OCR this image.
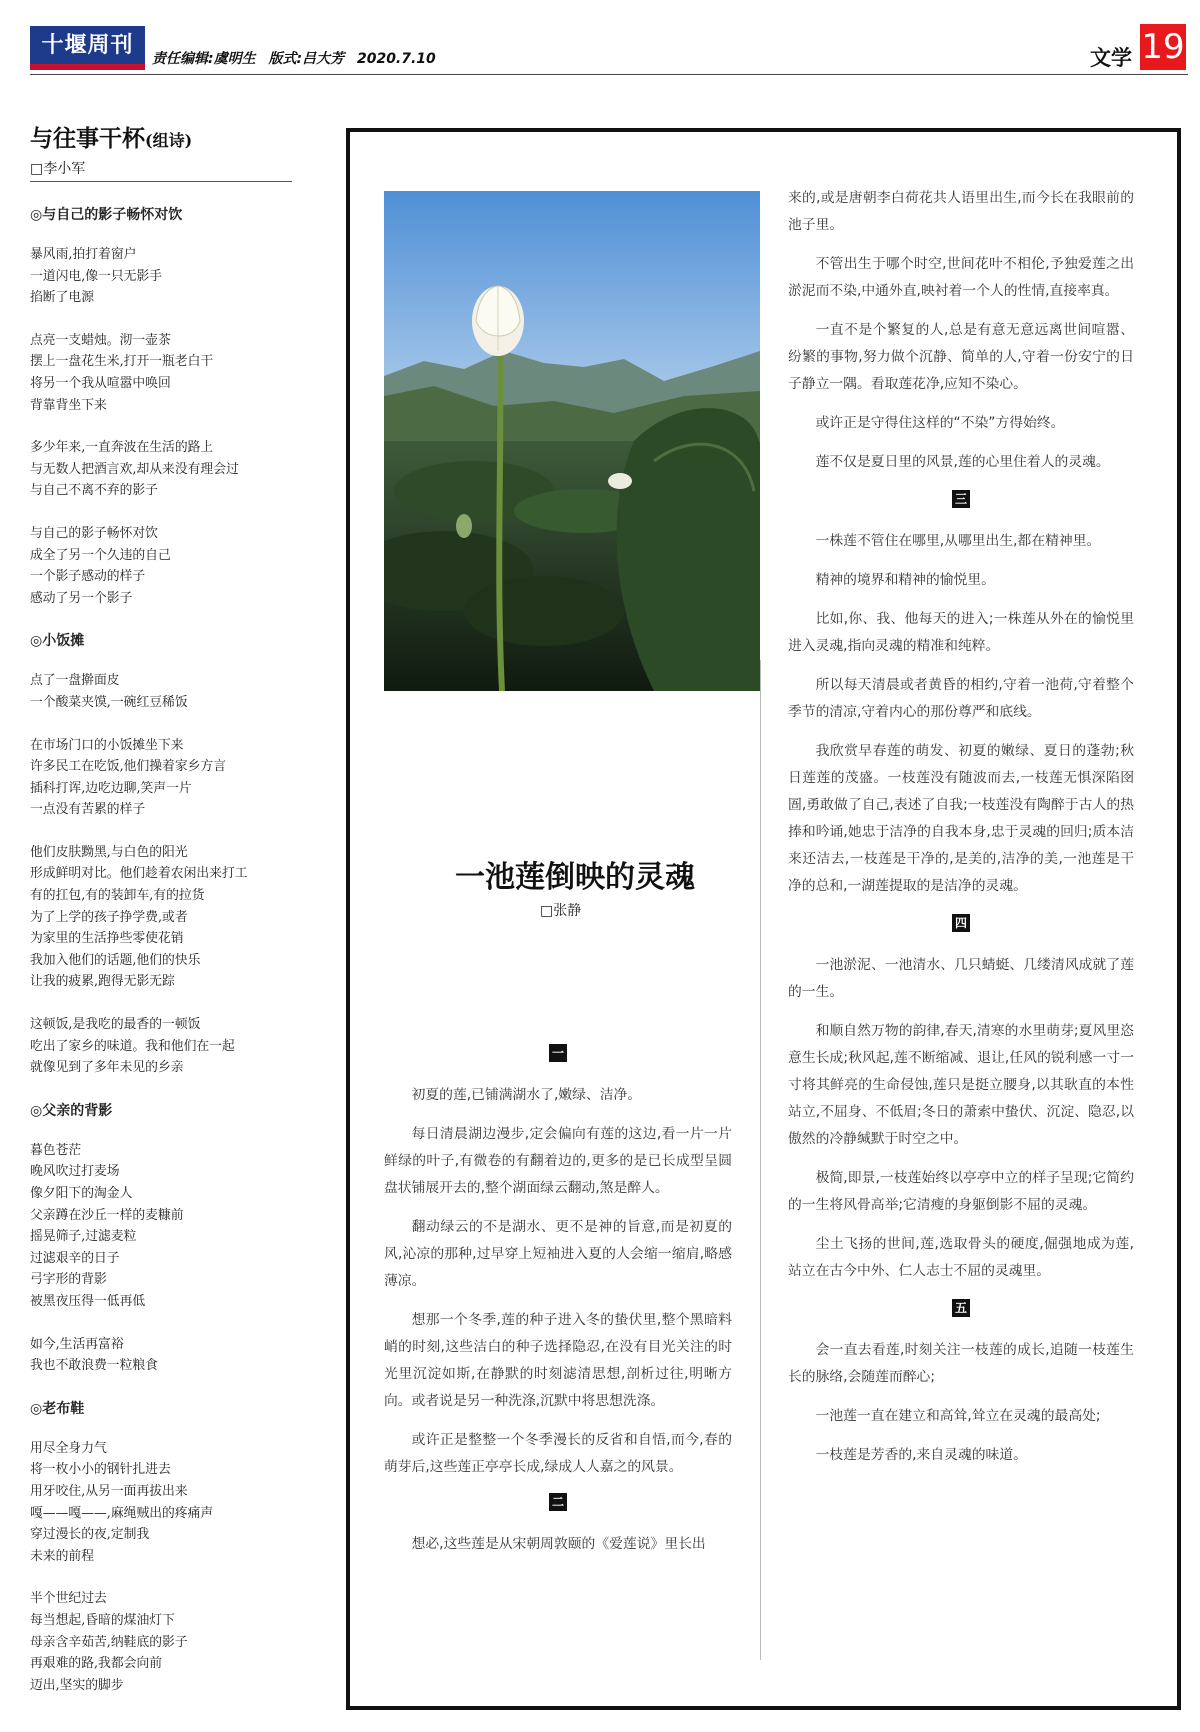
十堰周刊
责任编辑:虞明生 版式:吕大芳 2020.7.10	文学 19
与往事干杯(组诗)
□李小军
◎与自己的影子畅怀对饮
暴风雨,拍打着窗户
一道闪电,像一只无影手
掐断了电源
点亮一支蜡烛。沏一壶茶
摆上一盘花生米,打开一瓶老白干
将另一个我从喧嚣中唤回
背靠背坐下来
多少年来,一直奔波在生活的路上
与无数人把酒言欢,却从来没有理会过
与自己不离不弃的影子
与自己的影子畅怀对饮
成全了另一个久违的自己
一个影子感动的样子
感动了另一个影子
◎小饭摊
点了一盘擀面皮
一个酸菜夹馍,一碗红豆稀饭
在市场门口的小饭摊坐下来
许多民工在吃饭,他们操着家乡方言
插科打诨,边吃边聊,笑声一片
一点没有苦累的样子
他们皮肤黝黑,与白色的阳光
形成鲜明对比。他们趁着农闲出来打工
有的扛包,有的装卸车,有的拉货
为了上学的孩子挣学费,或者
为家里的生活挣些零使花销
我加入他们的话题,他们的快乐
让我的疲累,跑得无影无踪
这顿饭,是我吃的最香的一顿饭
吃出了家乡的味道。我和他们在一起
就像见到了多年未见的乡亲
◎父亲的背影
暮色苍茫
晚风吹过打麦场
像夕阳下的淘金人
父亲蹲在沙丘一样的麦糠前
摇晃筛子,过滤麦粒
过滤艰辛的日子
弓字形的背影
被黑夜压得一低再低
如今,生活再富裕
我也不敢浪费一粒粮食
◎老布鞋
用尽全身力气
将一枚小小的钢针扎进去
用牙咬住,从另一面再拔出来
嘎——嘎——,麻绳贼出的疼痛声
穿过漫长的夜,定制我
未来的前程
半个世纪过去
每当想起,昏暗的煤油灯下
母亲含辛茹苦,纳鞋底的影子
再艰难的路,我都会向前
迈出,坚实的脚步
一池莲倒映的灵魂
□张静
一

初夏的莲,已铺满湖水了,嫩绿、洁净。

每日清晨湖边漫步,定会偏向有莲的这边,看一片一片鲜绿的叶子,有微卷的有翻着边的,更多的是已长成型呈圆盘状铺展开去的,整个湖面绿云翻动,煞是醉人。

翻动绿云的不是湖水、更不是神的旨意,而是初夏的风,沁凉的那种,过早穿上短袖进入夏的人会缩一缩肩,略感薄凉。

想那一个冬季,莲的种子进入冬的蛰伏里,整个黑暗料峭的时刻,这些洁白的种子选择隐忍,在没有目光关注的时光里沉淀如斯,在静默的时刻滤清思想,剖析过往,明晰方向。或者说是另一种洗涤,沉默中将思想洗涤。

或许正是整整一个冬季漫长的反省和自悟,而今,春的萌芽后,这些莲正亭亭长成,绿成人人嘉之的风景。

二

想必,这些莲是从宋朝周敦颐的《爱莲说》里长出

来的,或是唐朝李白荷花共人语里出生,而今长在我眼前的池子里。

不管出生于哪个时空,世间花叶不相伦,予独爱莲之出淤泥而不染,中通外直,映衬着一个人的性情,直接率真。

一直不是个繁复的人,总是有意无意远离世间喧嚣、纷繁的事物,努力做个沉静、简单的人,守着一份安宁的日子静立一隅。看取莲花净,应知不染心。

或许正是守得住这样的“不染”方得始终。

莲不仅是夏日里的风景,莲的心里住着人的灵魂。

三

一株莲不管住在哪里,从哪里出生,都在精神里。

精神的境界和精神的愉悦里。

比如,你、我、他每天的进入;一株莲从外在的愉悦里进入灵魂,指向灵魂的精准和纯粹。

所以每天清晨或者黄昏的相约,守着一池荷,守着整个季节的清凉,守着内心的那份尊严和底线。

我欣赏早春莲的萌发、初夏的嫩绿、夏日的蓬勃;秋日莲莲的茂盛。一枝莲没有随波而去,一枝莲无惧深陷囹圄,勇敢做了自己,表述了自我;一枝莲没有陶醉于古人的热捧和吟诵,她忠于洁净的自我本身,忠于灵魂的回归;质本洁来还洁去,一枝莲是干净的,是美的,洁净的美,一池莲是干净的总和,一湖莲提取的是洁净的灵魂。

四

一池淤泥、一池清水、几只蜻蜓、几缕清风成就了莲的一生。

和顺自然万物的韵律,春天,清寒的水里萌芽;夏风里恣意生长成;秋风起,莲不断缩减、退让,任风的锐利感一寸一寸将其鲜亮的生命侵蚀,莲只是挺立腰身,以其耿直的本性站立,不屈身、不低眉;冬日的萧索中蛰伏、沉淀、隐忍,以傲然的冷静缄默于时空之中。

极简,即景,一枝莲始终以亭亭中立的样子呈现;它简约的一生将风骨高举;它清瘦的身躯倒影不屈的灵魂。

尘土飞扬的世间,莲,选取骨头的硬度,倔强地成为莲,站立在古今中外、仁人志士不屈的灵魂里。

五

会一直去看莲,时刻关注一枝莲的成长,追随一枝莲生长的脉络,会随莲而醉心;

一池莲一直在建立和高耸,耸立在灵魂的最高处;

一枝莲是芳香的,来自灵魂的味道。
